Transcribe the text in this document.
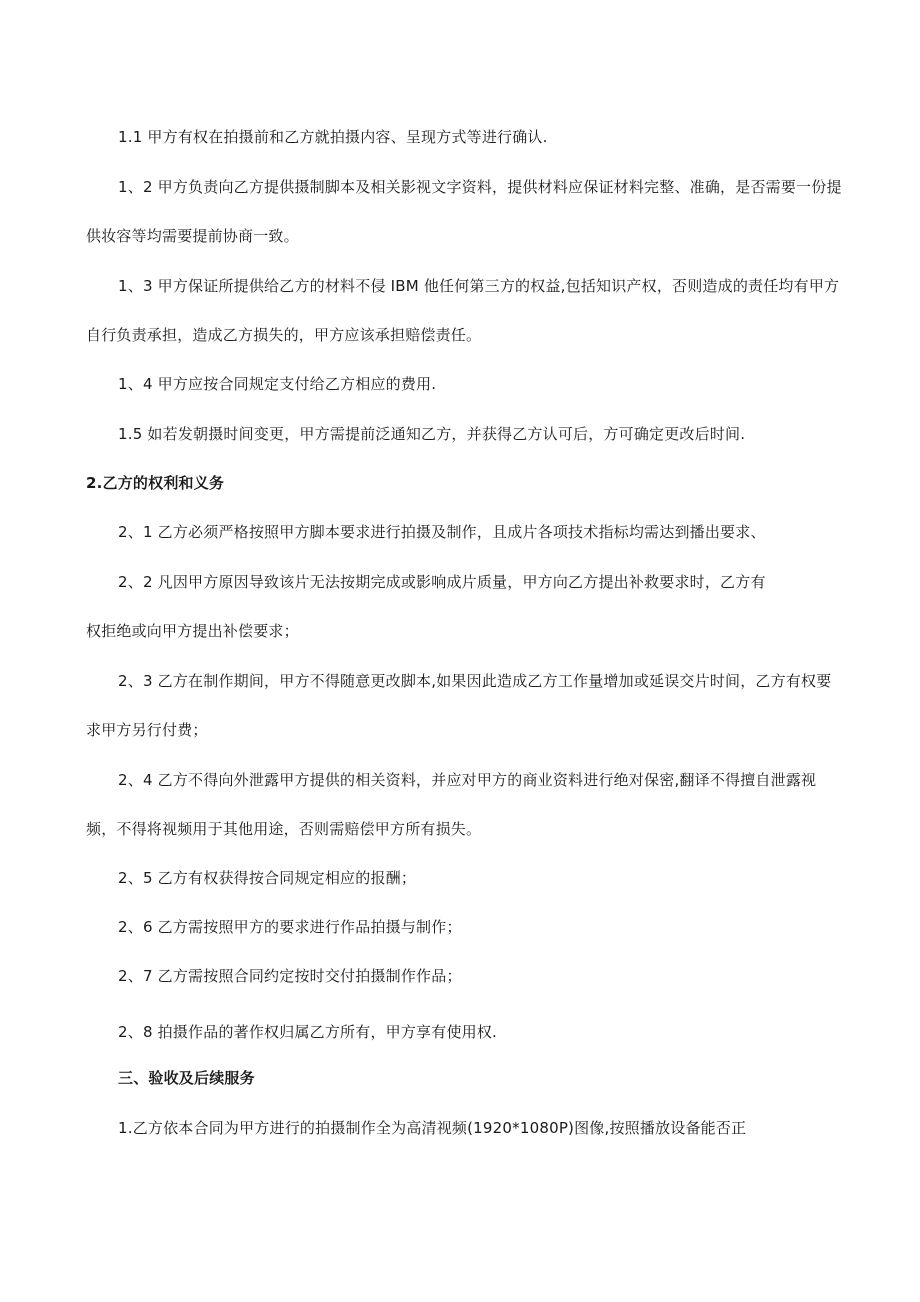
1.1 甲方有权在拍摄前和乙方就拍摄内容、呈现方式等进行确认.
1、2 甲方负责向乙方提供摄制脚本及相关影视文字资料，提供材料应保证材料完整、准确，是否需要一份提
供妆容等均需要提前协商一致。
1、3 甲方保证所提供给乙方的材料不侵 IBM 他任何第三方的权益,包括知识产权，否则造成的责任均有甲方
自行负责承担，造成乙方损失的，甲方应该承担赔偿责任。
1、4 甲方应按合同规定支付给乙方相应的费用.
1.5 如若发朝摄时间变更，甲方需提前泛通知乙方，并获得乙方认可后，方可确定更改后时间.
2.乙方的权利和义务
2、1 乙方必须严格按照甲方脚本要求进行拍摄及制作，且成片各项技术指标均需达到播出要求、
2、2 凡因甲方原因导致该片无法按期完成或影响成片质量，甲方向乙方提出补救要求时，乙方有
权拒绝或向甲方提出补偿要求；
2、3 乙方在制作期间，甲方不得随意更改脚本,如果因此造成乙方工作量增加或延误交片时间，乙方有权要
求甲方另行付费；
2、4 乙方不得向外泄露甲方提供的相关资料，并应对甲方的商业资料进行绝对保密,翻译不得擅自泄露视
频，不得将视频用于其他用途，否则需赔偿甲方所有损失。
2、5 乙方有权获得按合同规定相应的报酬；
2、6 乙方需按照甲方的要求进行作品拍摄与制作；
2、7 乙方需按照合同约定按时交付拍摄制作作品；
2、8 拍摄作品的著作权归属乙方所有，甲方享有使用权.
三、验收及后续服务
1.乙方依本合同为甲方进行的拍摄制作全为高清视频(1920*1080P)图像,按照播放设备能否正
